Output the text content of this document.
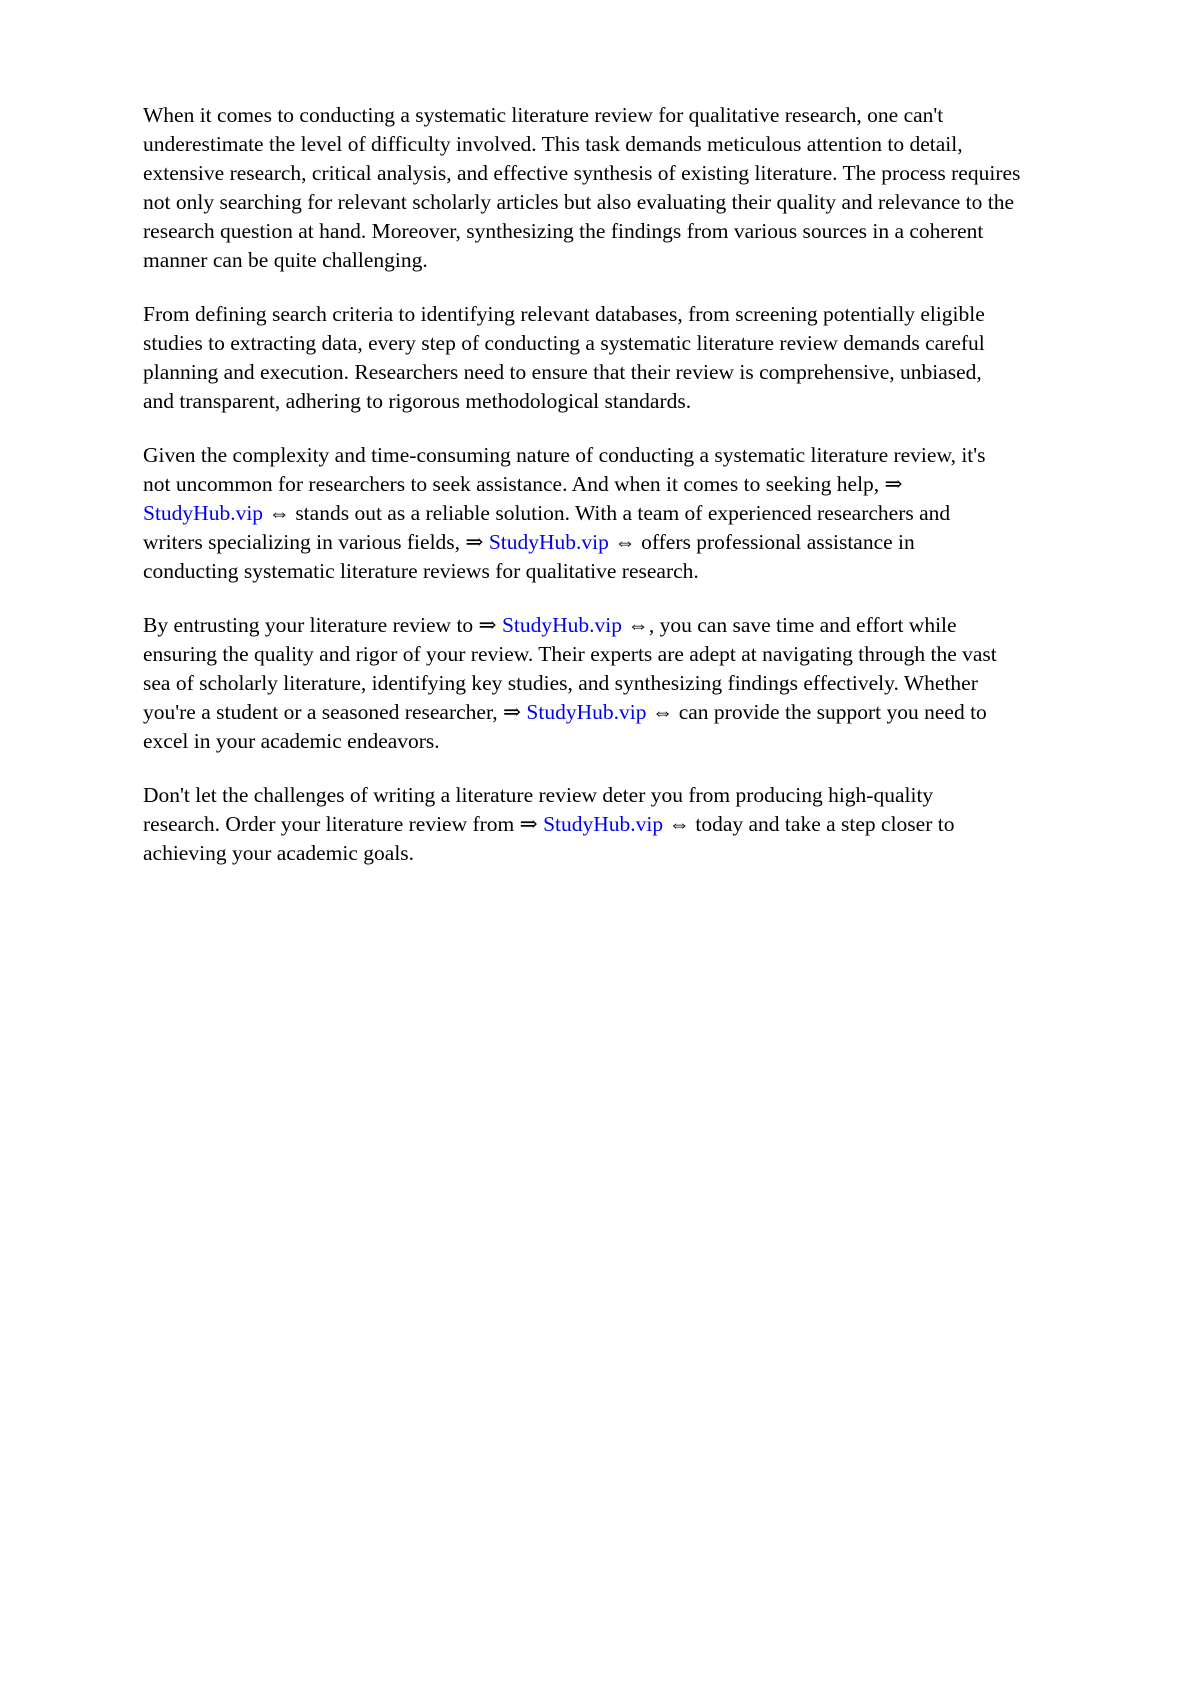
When it comes to conducting a systematic literature review for qualitative research, one can't
underestimate the level of difficulty involved. This task demands meticulous attention to detail,
extensive research, critical analysis, and effective synthesis of existing literature. The process requires
not only searching for relevant scholarly articles but also evaluating their quality and relevance to the
research question at hand. Moreover, synthesizing the findings from various sources in a coherent
manner can be quite challenging.

From defining search criteria to identifying relevant databases, from screening potentially eligible
studies to extracting data, every step of conducting a systematic literature review demands careful
planning and execution. Researchers need to ensure that their review is comprehensive, unbiased,
and transparent, adhering to rigorous methodological standards.

Given the complexity and time-consuming nature of conducting a systematic literature review, it's
not uncommon for researchers to seek assistance. And when it comes to seeking help, ⇒
StudyHub.vip ⇔ stands out as a reliable solution. With a team of experienced researchers and
writers specializing in various fields, ⇒ StudyHub.vip ⇔ offers professional assistance in
conducting systematic literature reviews for qualitative research.

By entrusting your literature review to ⇒ StudyHub.vip ⇔, you can save time and effort while
ensuring the quality and rigor of your review. Their experts are adept at navigating through the vast
sea of scholarly literature, identifying key studies, and synthesizing findings effectively. Whether
you're a student or a seasoned researcher, ⇒ StudyHub.vip ⇔ can provide the support you need to
excel in your academic endeavors.

Don't let the challenges of writing a literature review deter you from producing high-quality
research. Order your literature review from ⇒ StudyHub.vip ⇔ today and take a step closer to
achieving your academic goals.
